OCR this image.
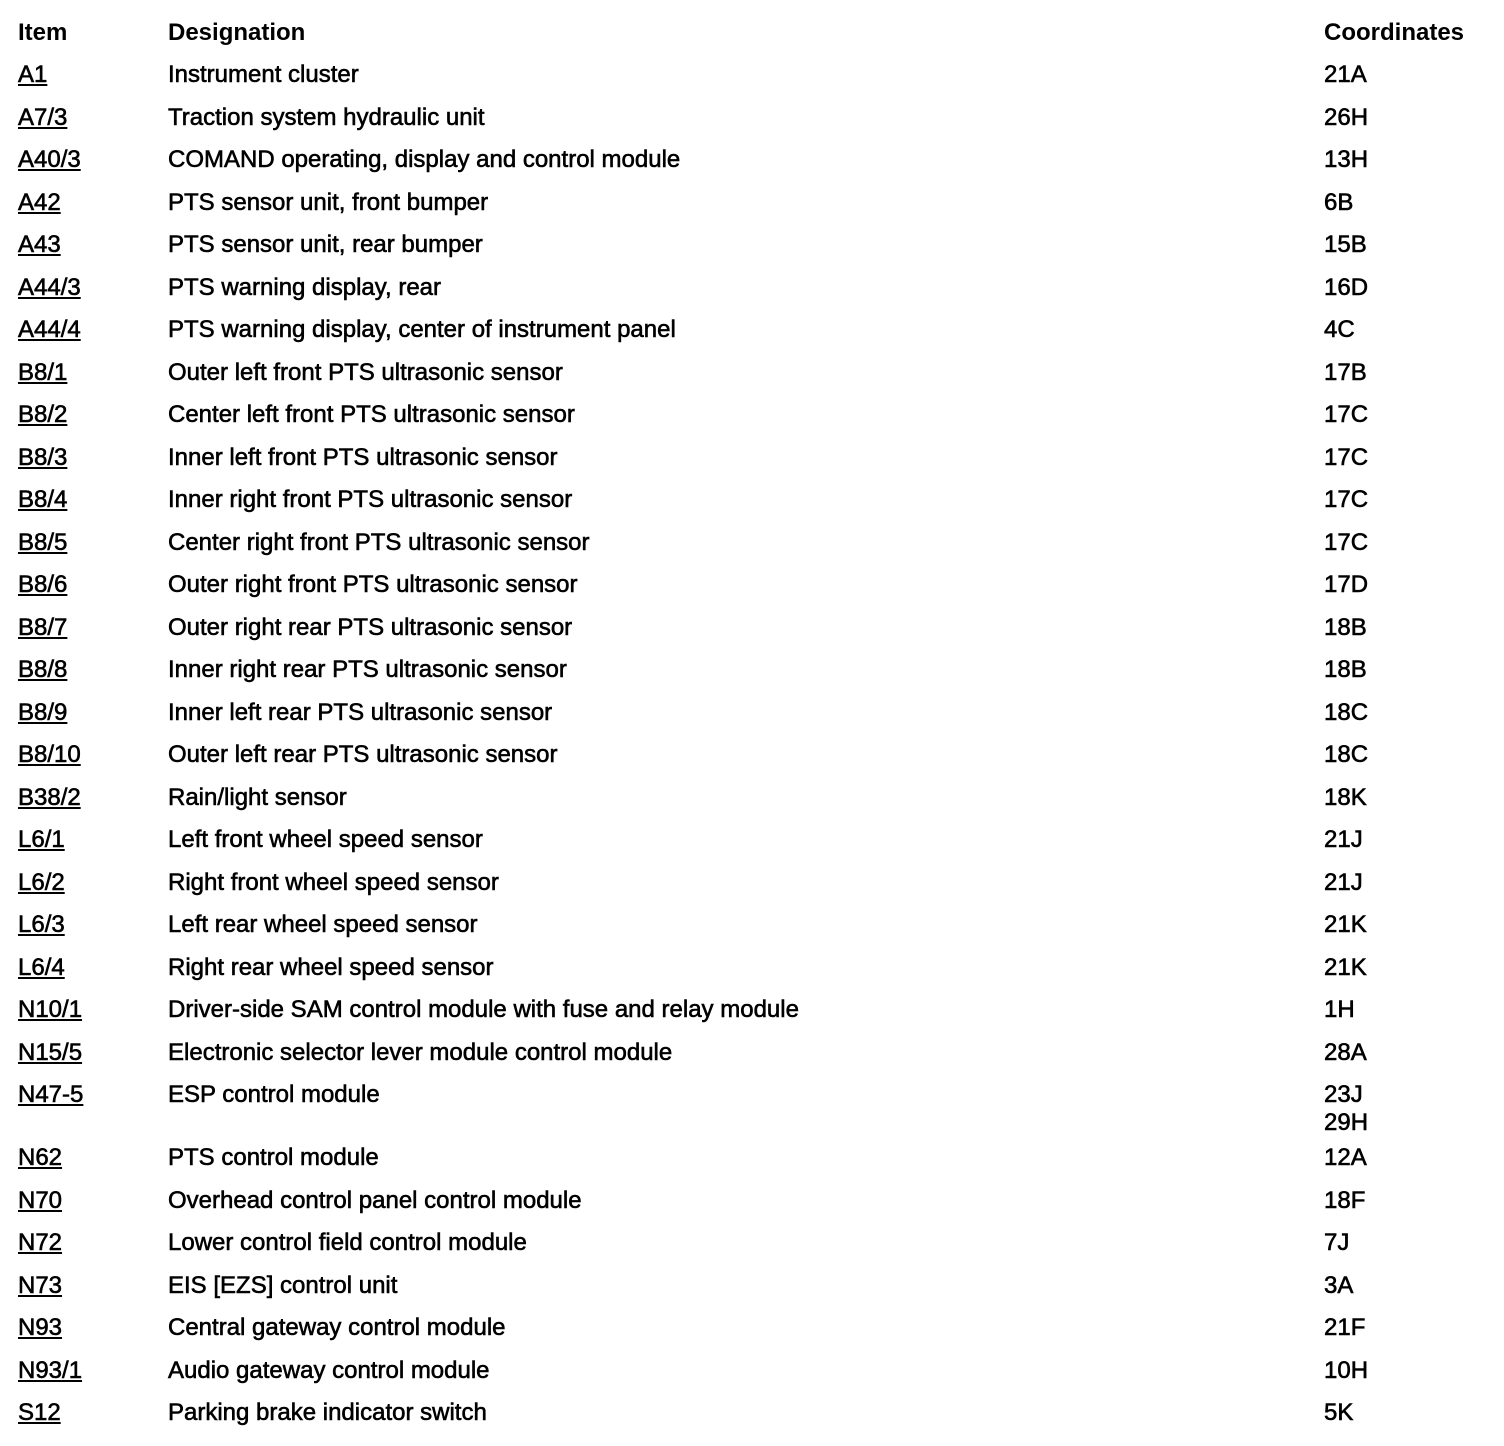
Item	Designation	Coordinates
A1	Instrument cluster	21A
A7/3	Traction system hydraulic unit	26H
A40/3	COMAND operating, display and control module	13H
A42	PTS sensor unit, front bumper	6B
A43	PTS sensor unit, rear bumper	15B
A44/3	PTS warning display, rear	16D
A44/4	PTS warning display, center of instrument panel	4C
B8/1	Outer left front PTS ultrasonic sensor	17B
B8/2	Center left front PTS ultrasonic sensor	17C
B8/3	Inner left front PTS ultrasonic sensor	17C
B8/4	Inner right front PTS ultrasonic sensor	17C
B8/5	Center right front PTS ultrasonic sensor	17C
B8/6	Outer right front PTS ultrasonic sensor	17D
B8/7	Outer right rear PTS ultrasonic sensor	18B
B8/8	Inner right rear PTS ultrasonic sensor	18B
B8/9	Inner left rear PTS ultrasonic sensor	18C
B8/10	Outer left rear PTS ultrasonic sensor	18C
B38/2	Rain/light sensor	18K
L6/1	Left front wheel speed sensor	21J
L6/2	Right front wheel speed sensor	21J
L6/3	Left rear wheel speed sensor	21K
L6/4	Right rear wheel speed sensor	21K
N10/1	Driver-side SAM control module with fuse and relay module	1H
N15/5	Electronic selector lever module control module	28A
N47-5	ESP control module	23J
29H
N62	PTS control module	12A
N70	Overhead control panel control module	18F
N72	Lower control field control module	7J
N73	EIS [EZS] control unit	3A
N93	Central gateway control module	21F
N93/1	Audio gateway control module	10H
S12	Parking brake indicator switch	5K
